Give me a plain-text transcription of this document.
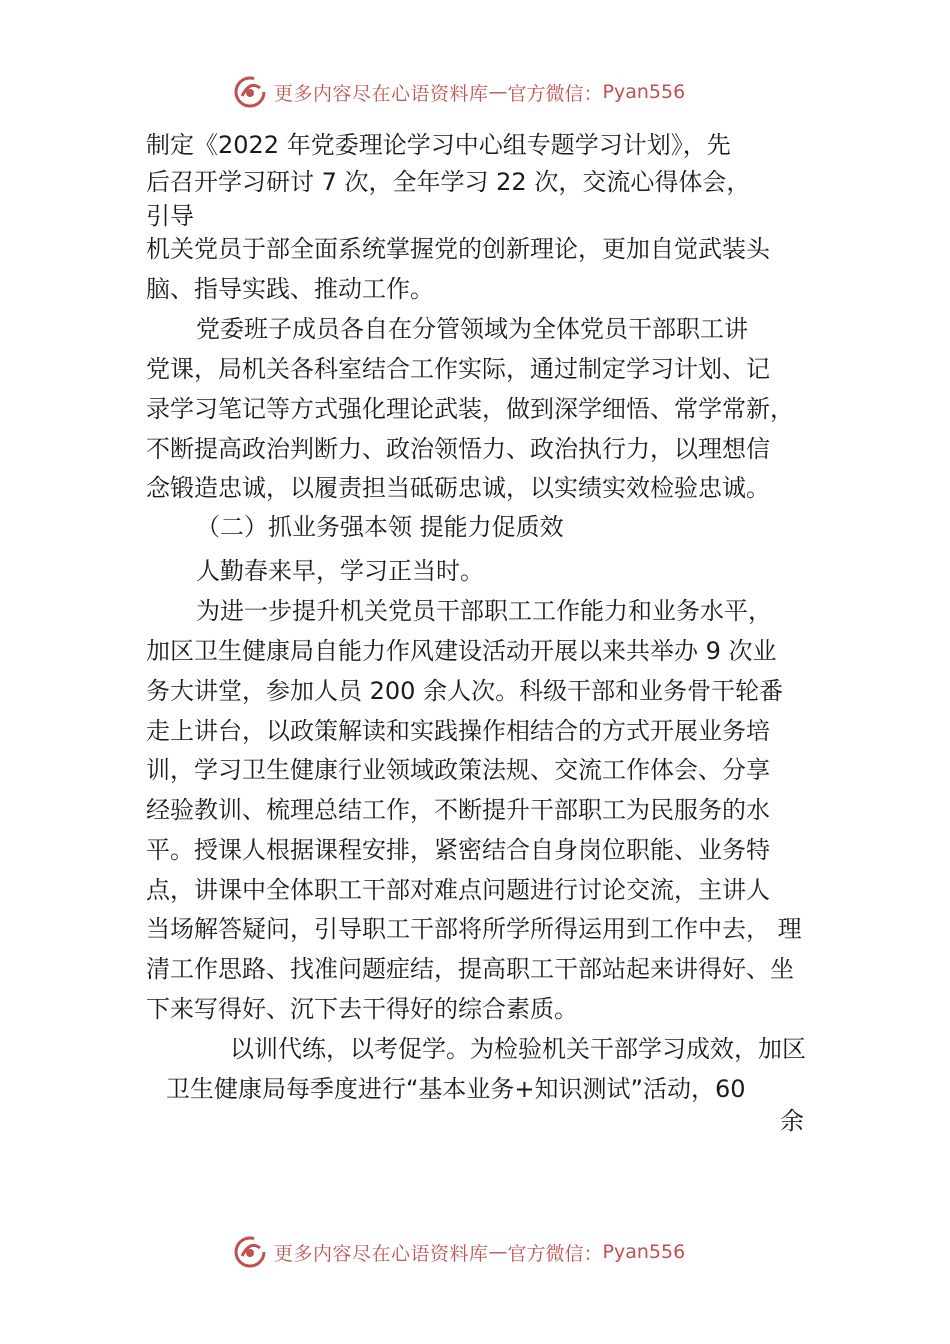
更多内容尽在心语资料库 — 官方微信： Pyan556
制定《2022 年党委理论学习中心组专题学习计划》，先
后召开学习研讨 7 次，全年学习 22 次，交流心得体会，
引导
机关党员于部全面系统掌握党的创新理论，更加自觉武装头
脑、指导实践、推动工作。
党委班子成员各自在分管领域为全体党员干部职工讲
党课，局机关各科室结合工作实际，通过制定学习计划、记
录学习笔记等方式强化理论武装，做到深学细悟、常学常新，
不断提高政治判断力、政治领悟力、政治执行力，以理想信
念锻造忠诚，以履责担当砥砺忠诚，以实绩实效检验忠诚。
（二）抓业务强本领 提能力促质效
人勤春来早，学习正当时。
为进一步提升机关党员干部职工工作能力和业务水平，
加区卫生健康局自能力作风建设活动开展以来共举办 9 次业
务大讲堂，参加人员 200 余人次。科级干部和业务骨干轮番
走上讲台，以政策解读和实践操作相结合的方式开展业务培
训，学习卫生健康行业领域政策法规、交流工作体会、分享
经验教训、梳理总结工作，不断提升干部职工为民服务的水
平。授课人根据课程安排，紧密结合自身岗位职能、业务特
点，讲课中全体职工干部对难点问题进行讨论交流，主讲人
当场解答疑问，引导职工干部将所学所得运用到工作中去， 理
清工作思路、找准问题症结，提高职工干部站起来讲得好、坐
下来写得好、沉下去干得好的综合素质。
以训代练，以考促学。为检验机关干部学习成效，加区
卫生健康局每季度进行“基本业务+知识测试”活动，60
余
更多内容尽在心语资料库 — 官方微信： Pyan556
